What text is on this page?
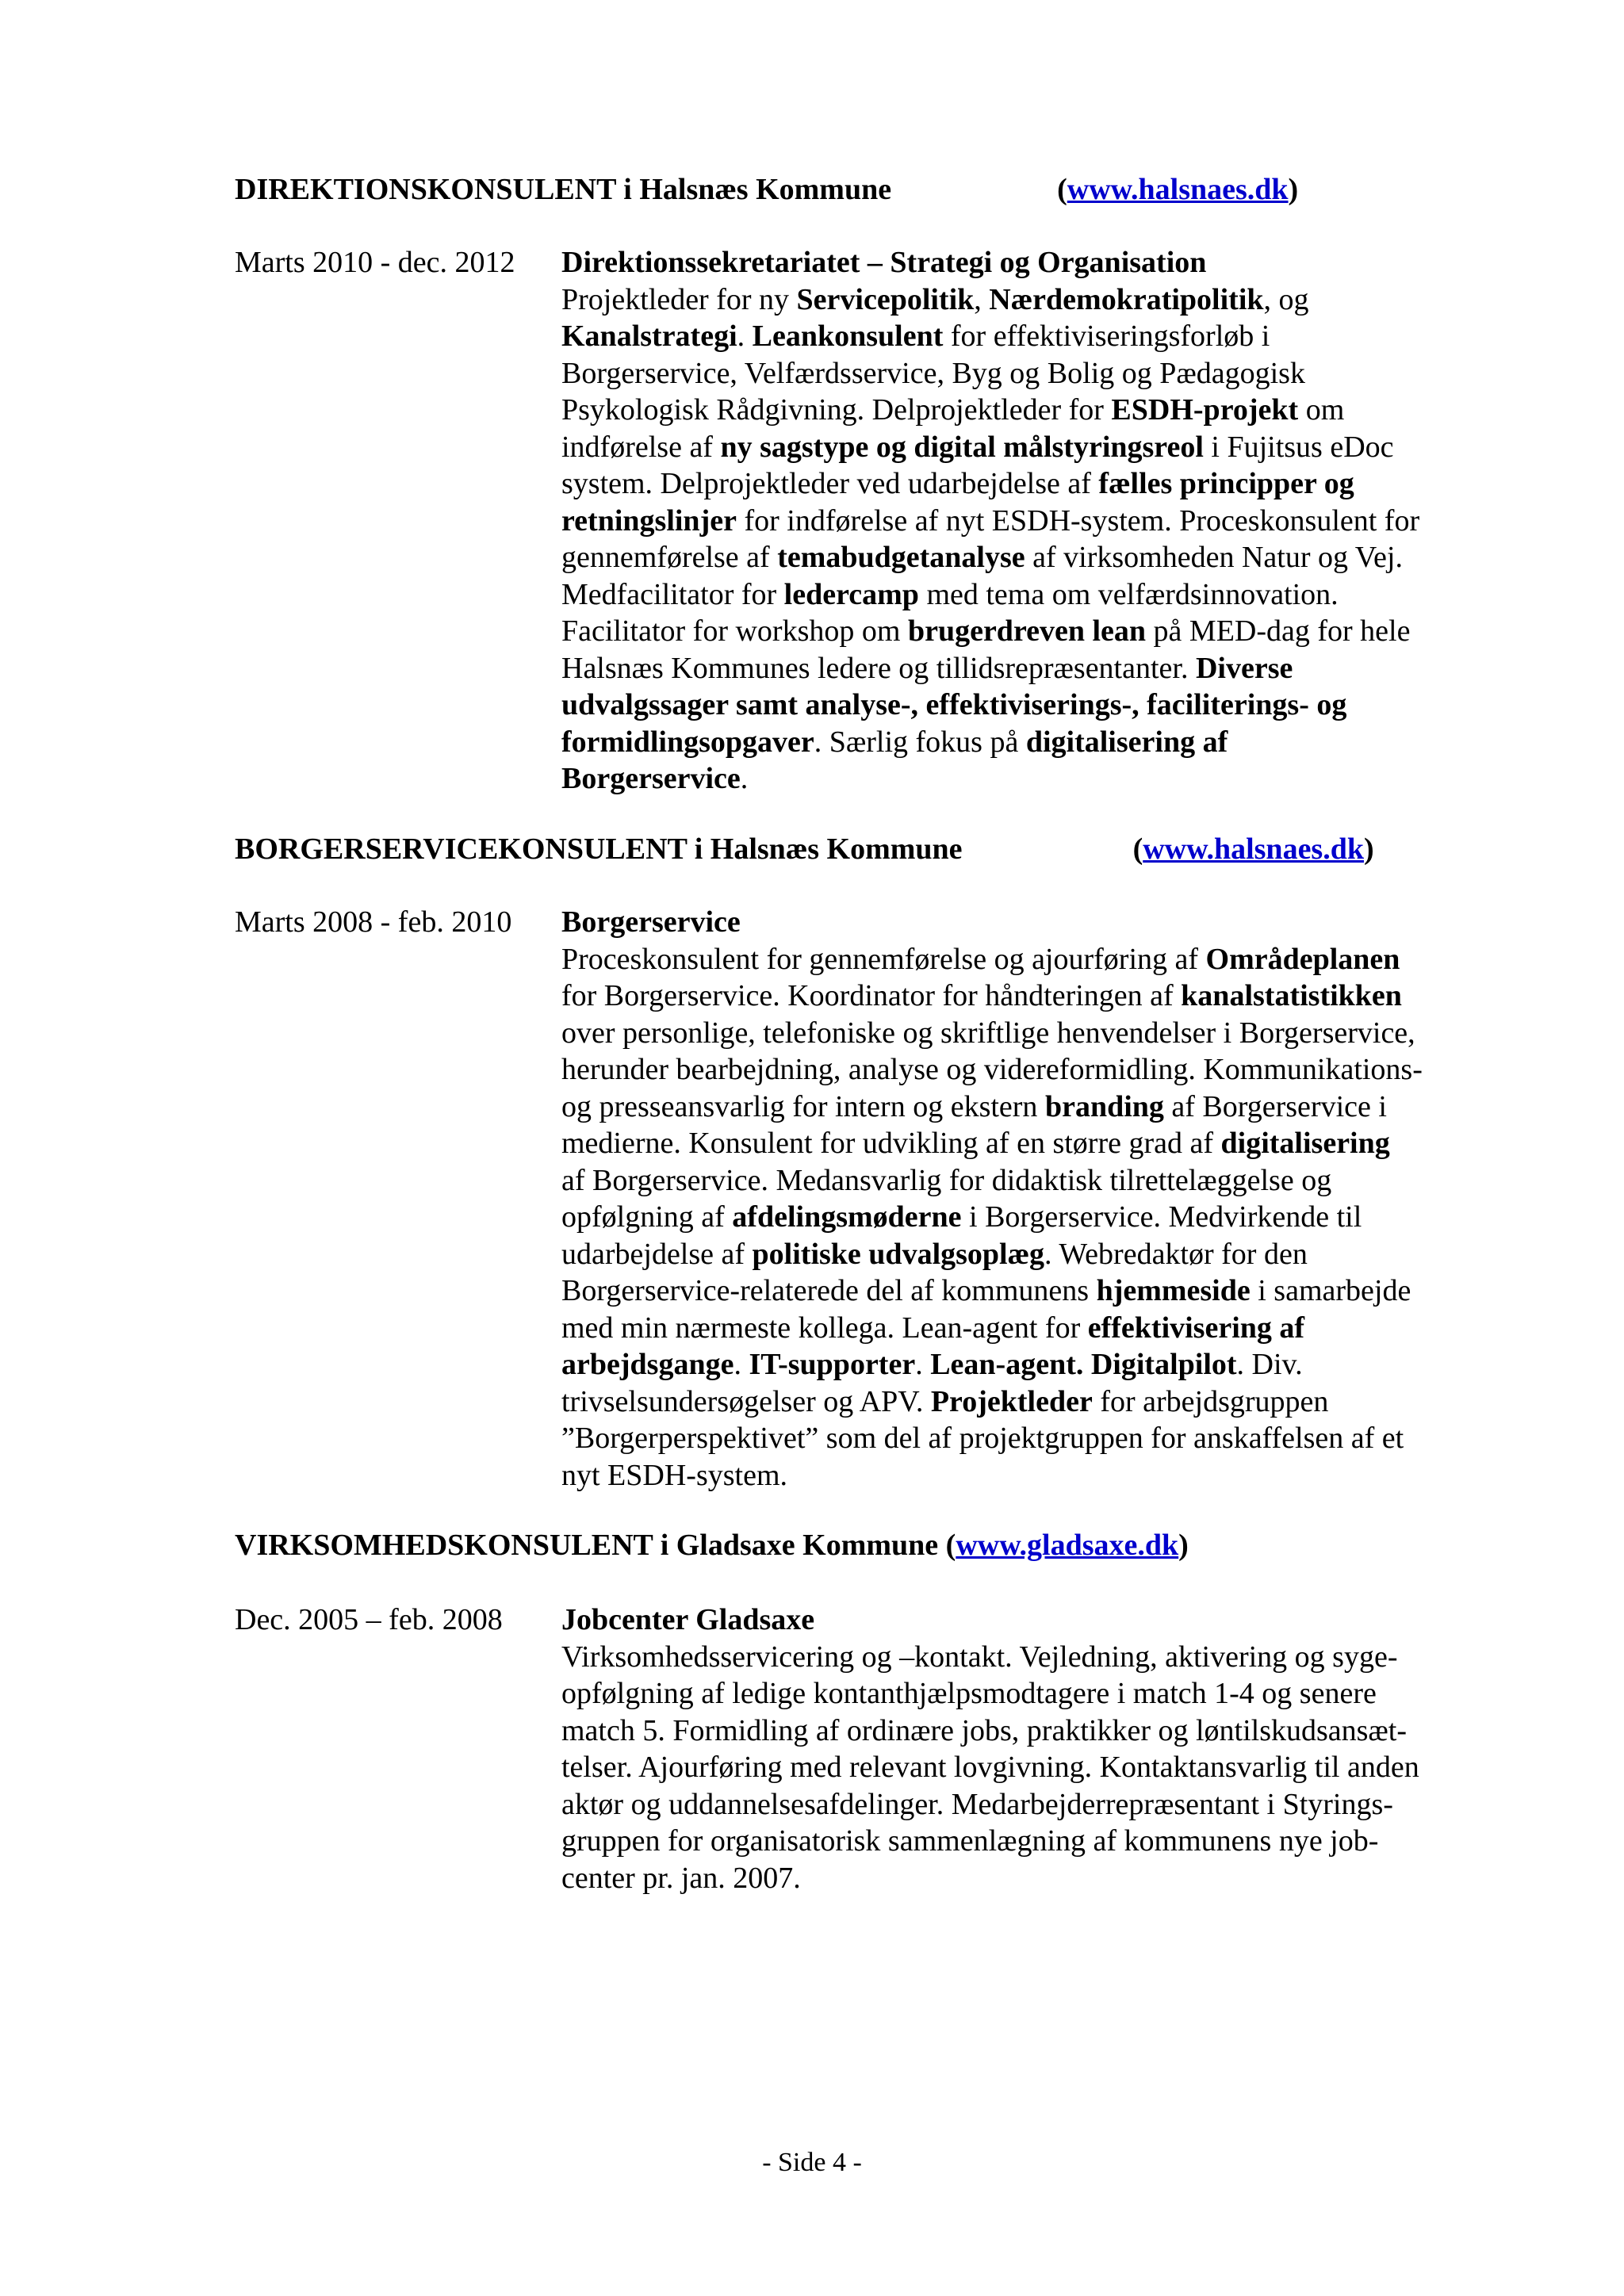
DIREKTIONSKONSULENT i Halsnæs Kommune	(www.halsnaes.dk)
Marts 2010 - dec. 2012 Direktionssekretariatet – Strategi og Organisation
Projektleder for ny Servicepolitik, Nærdemokratipolitik, og
Kanalstrategi. Leankonsulent for effektiviseringsforløb i
Borgerservice, Velfærdsservice, Byg og Bolig og Pædagogisk
Psykologisk Rådgivning. Delprojektleder for ESDH-projekt om
indførelse af ny sagstype og digital målstyringsreol i Fujitsus eDoc
system. Delprojektleder ved udarbejdelse af fælles principper og
retningslinjer for indførelse af nyt ESDH-system. Proceskonsulent for
gennemførelse af temabudgetanalyse af virksomheden Natur og Vej.
Medfacilitator for ledercamp med tema om velfærdsinnovation.
Facilitator for workshop om brugerdreven lean på MED-dag for hele
Halsnæs Kommunes ledere og tillidsrepræsentanter. Diverse
udvalgssager samt analyse-, effektiviserings-, faciliterings- og
formidlingsopgaver. Særlig fokus på digitalisering af
Borgerservice.
BORGERSERVICEKONSULENT i Halsnæs Kommune	(www.halsnaes.dk)
Marts 2008 - feb. 2010 Borgerservice
Proceskonsulent for gennemførelse og ajourføring af Områdeplanen
for Borgerservice. Koordinator for håndteringen af kanalstatistikken
over personlige, telefoniske og skriftlige henvendelser i Borgerservice,
herunder bearbejdning, analyse og videreformidling. Kommunikations-
og presseansvarlig for intern og ekstern branding af Borgerservice i
medierne. Konsulent for udvikling af en større grad af digitalisering
af Borgerservice. Medansvarlig for didaktisk tilrettelæggelse og
opfølgning af afdelingsmøderne i Borgerservice. Medvirkende til
udarbejdelse af politiske udvalgsoplæg. Webredaktør for den
Borgerservice-relaterede del af kommunens hjemmeside i samarbejde
med min nærmeste kollega. Lean-agent for effektivisering af
arbejdsgange. IT-supporter. Lean-agent. Digitalpilot. Div.
trivselsundersøgelser og APV. Projektleder for arbejdsgruppen
”Borgerperspektivet” som del af projektgruppen for anskaffelsen af et
nyt ESDH-system.
VIRKSOMHEDSKONSULENT i Gladsaxe Kommune (www.gladsaxe.dk)
Dec. 2005 – feb. 2008 Jobcenter Gladsaxe
Virksomhedsservicering og –kontakt. Vejledning, aktivering og syge-
opfølgning af ledige kontanthjælpsmodtagere i match 1-4 og senere
match 5. Formidling af ordinære jobs, praktikker og løntilskudsansæt-
telser. Ajourføring med relevant lovgivning. Kontaktansvarlig til anden
aktør og uddannelsesafdelinger. Medarbejderrepræsentant i Styrings-
gruppen for organisatorisk sammenlægning af kommunens nye job-
center pr. jan. 2007.
- Side 4 -
